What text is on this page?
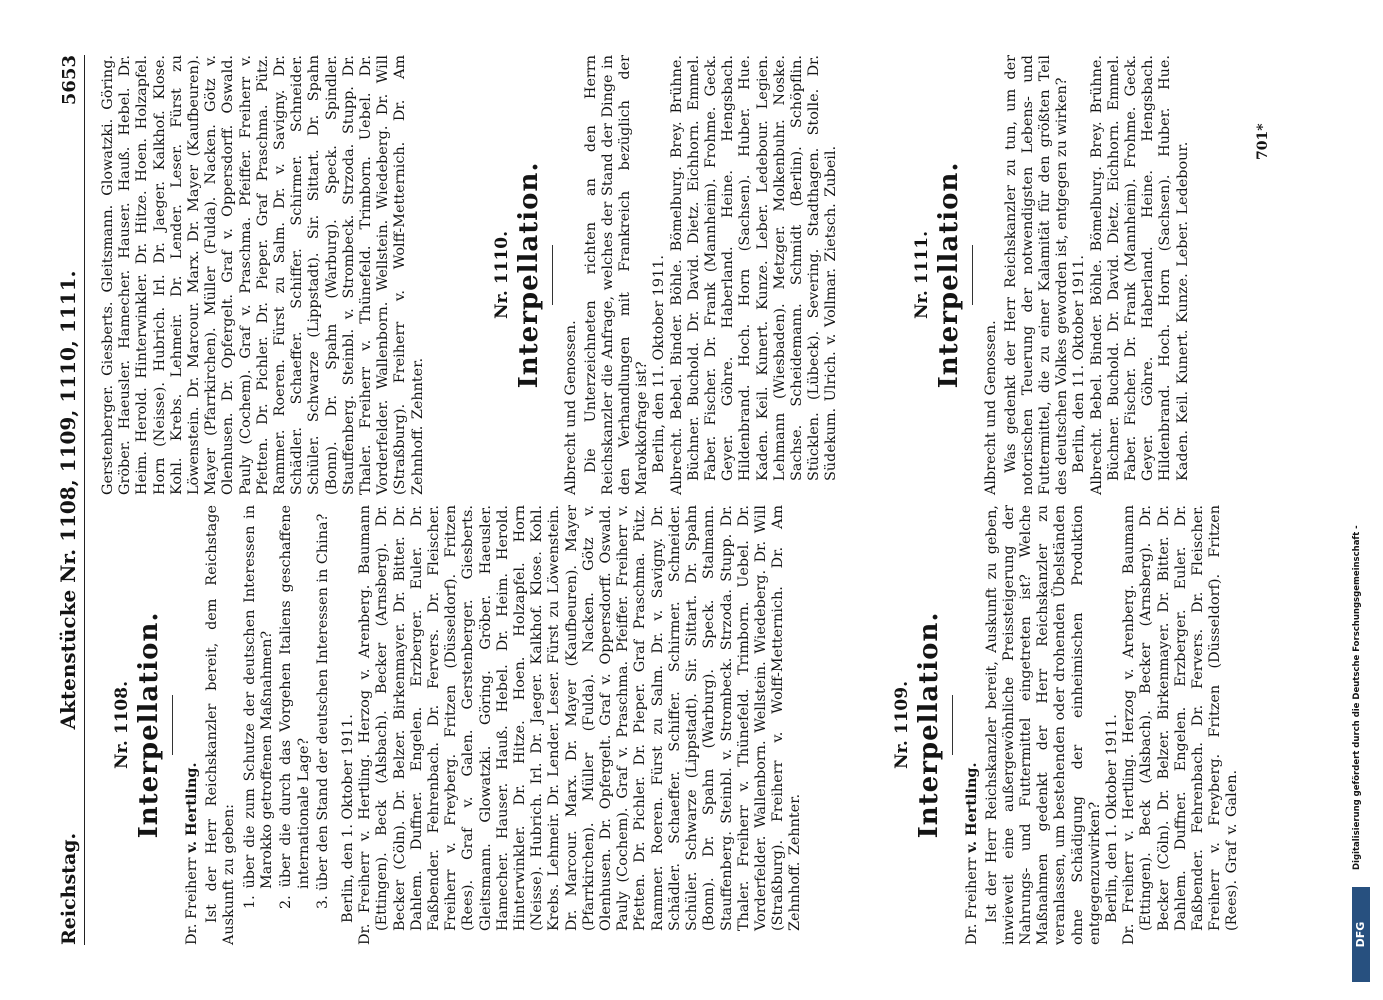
Reichstag.
Aktenstücke Nr. 1108, 1109, 1110, 1111.
5653
Nr. 1108. Interpellation.
Dr. Freiherr v. Hertling. Ist der Herr Reichskanzler bereit, dem Reichstage Auskunft zu geben: 1. über die zum Schutze der deutschen Interessen in Marokko getroffenen Maßnahmen? 2. über die durch das Vorgehen Italiens geschaffene internationale Lage? 3. über den Stand der deutschen Interessen in China? Berlin, den 1. Oktober 1911. Dr. Freiherr v. Hertling. Herzog v. Arenberg. Baumann (Ettingen). Beck (Alsbach). Becker (Arnsberg). Dr. Becker (Cöln). Dr. Belzer. Birkenmayer. Dr. Bitter. Dr. Dahlem. Duffner. Engelen. Erzberger. Euler. Dr. Faßbender. Fehrenbach. Dr. Fervers. Dr. Fleischer. Freiherr v. Freyberg. Fritzen (Düsseldorf). Fritzen (Rees). Graf v. Galen. Gerstenberger. Giesberts. Gleitsmann. Glowatzki. Göring. Gröber. Haeusler. Hamecher. Hauser. Hauß. Hebel. Dr. Heim. Herold. Hinterwinkler. Dr. Hitze. Hoen. Holzapfel. Horn (Neisse). Hubrich. Irl. Dr. Jaeger. Kalkhof. Klose. Kohl. Krebs. Lehmeir. Dr. Lender. Leser. Fürst zu Löwenstein. Dr. Marcour. Marx. Dr. Mayer (Kaufbeuren). Mayer (Pfarrkirchen). Müller (Fulda). Nacken. Götz v. Olenhusen. Dr. Opfergelt. Graf v. Oppersdorff. Oswald. Pauly (Cochem). Graf v. Praschma. Pfeiffer. Freiherr v. Pfetten. Dr. Pichler. Dr. Pieper. Graf Praschma. Pütz. Rammer. Roeren. Fürst zu Salm. Dr. v. Savigny. Dr. Schädler. Schaeffer. Schiffer. Schirmer. Schneider. Schüler. Schwarze (Lippstadt). Sir. Sittart. Dr. Spahn (Bonn). Dr. Spahn (Warburg). Speck. Stalmann. Stauffenberg. Steinbl. v. Strombeck. Strzoda. Stupp. Dr. Thaler. Freiherr v. Thünefeld. Trimborn. Uebel. Dr. Vorderfelder. Wallenborn. Wellstein. Wiedeberg. Dr. Will (Straßburg). Freiherr v. Wolff-Metternich. Dr. Am Zehnhoff. Zehnter.

Nr. 1109. Interpellation.
Dr. Freiherr v. Hertling. Ist der Herr Reichskanzler bereit, Auskunft zu geben, inwieweit eine außergewöhnliche Preissteigerung der Nahrungs- und Futtermittel eingetreten ist? Welche Maßnahmen gedenkt der Herr Reichskanzler zu veranlassen, um bestehenden oder drohenden Übelständen ohne Schädigung der einheimischen Produktion entgegenzuwirken? Berlin, den 1. Oktober 1911. Dr. Freiherr v. Hertling. Herzog v. Arenberg. Baumann (Ettingen). Beck (Alsbach). Becker (Arnsberg). Dr. Becker (Cöln). Dr. Belzer. Birkenmayer. Dr. Bitter. Dr. Dahlem. Duffner. Engelen. Erzberger. Euler. Dr. Faßbender. Fehrenbach. Dr. Fervers. Dr. Fleischer. Freiherr v. Freyberg. Fritzen (Düsseldorf). Fritzen (Rees). Graf v. Galen.

Gerstenberger. Giesberts. Gleitsmann. Glowatzki. Göring. Gröber. Haeusler. Hamecher. Hauser. Hauß. Hebel. Dr. Heim. Herold. Hinterwinkler. Dr. Hitze. Hoen. Holzapfel. Horn (Neisse). Hubrich. Irl. Dr. Jaeger. Kalkhof. Klose. Kohl. Krebs. Lehmeir. Dr. Lender. Leser. Fürst zu Löwenstein. Dr. Marcour. Marx. Dr. Mayer (Kaufbeuren). Mayer (Pfarrkirchen). Müller (Fulda). Nacken. Götz v. Olenhusen. Dr. Opfergelt. Graf v. Oppersdorff. Oswald. Pauly (Cochem). Graf v. Praschma. Pfeiffer. Freiherr v. Pfetten. Dr. Pichler. Dr. Pieper. Graf Praschma. Pütz. Rammer. Roeren. Fürst zu Salm. Dr. v. Savigny. Dr. Schädler. Schaeffer. Schiffer. Schirmer. Schneider. Schüler. Schwarze (Lippstadt). Sir. Sittart. Dr. Spahn (Bonn). Dr. Spahn (Warburg). Speck. Spindler. Stauffenberg. Steinbl. v. Strombeck. Strzoda. Stupp. Dr. Thaler. Freiherr v. Thünefeld. Trimborn. Uebel. Dr. Vorderfelder. Wallenborn. Wellstein. Wiedeberg. Dr. Will (Straßburg). Freiherr v. Wolff-Metternich. Dr. Am Zehnhoff. Zehnter.

Nr. 1110. Interpellation.
Albrecht und Genossen. Die Unterzeichneten richten an den Herrn Reichskanzler die Anfrage, welches der Stand der Dinge in den Verhandlungen mit Frankreich bezüglich der Marokkofrage ist? Berlin, den 11. Oktober 1911. Albrecht. Bebel. Binder. Böhle. Bömelburg. Brey. Brühne. Büchner. Buchold. Dr. David. Dietz. Eichhorn. Emmel. Faber. Fischer. Dr. Frank (Mannheim). Frohme. Geck. Geyer. Göhre. Haberland. Heine. Hengsbach. Hildenbrand. Hoch. Horn (Sachsen). Huber. Hue. Kaden. Keil. Kunert. Kunze. Leber. Ledebour. Legien. Lehmann (Wiesbaden). Metzger. Molkenbuhr. Noske. Sachse. Scheidemann. Schmidt (Berlin). Schöpflin. Stücklen. (Lübeck). Severing. Stadthagen. Stolle. Dr. Südekum. Ulrich. v. Vollmar. Zietsch. Zubeil.	Nr. 1111. Interpellation.
Albrecht und Genossen. Was gedenkt der Herr Reichskanzler zu tun, um der notorischen Teuerung der notwendigsten Lebens- und Futtermittel, die zu einer Kalamität für den größten Teil des deutschen Volkes geworden ist, entgegen zu wirken? Berlin, den 11. Oktober 1911. Albrecht. Bebel. Binder. Böhle. Bömelburg. Brey. Brühne. Büchner. Buchold. Dr. David. Dietz. Eichhorn. Emmel. Faber. Fischer. Dr. Frank (Mannheim). Frohme. Geck. Geyer. Göhre. Haberland. Heine. Hengsbach. Hildenbrand. Hoch. Horn (Sachsen). Huber. Hue. Kaden. Keil. Kunert. Kunze. Leber. Ledebour.	701*
DFG
Digitalisierung gefördert durch die Deutsche Forschungsgemeinschaft -
